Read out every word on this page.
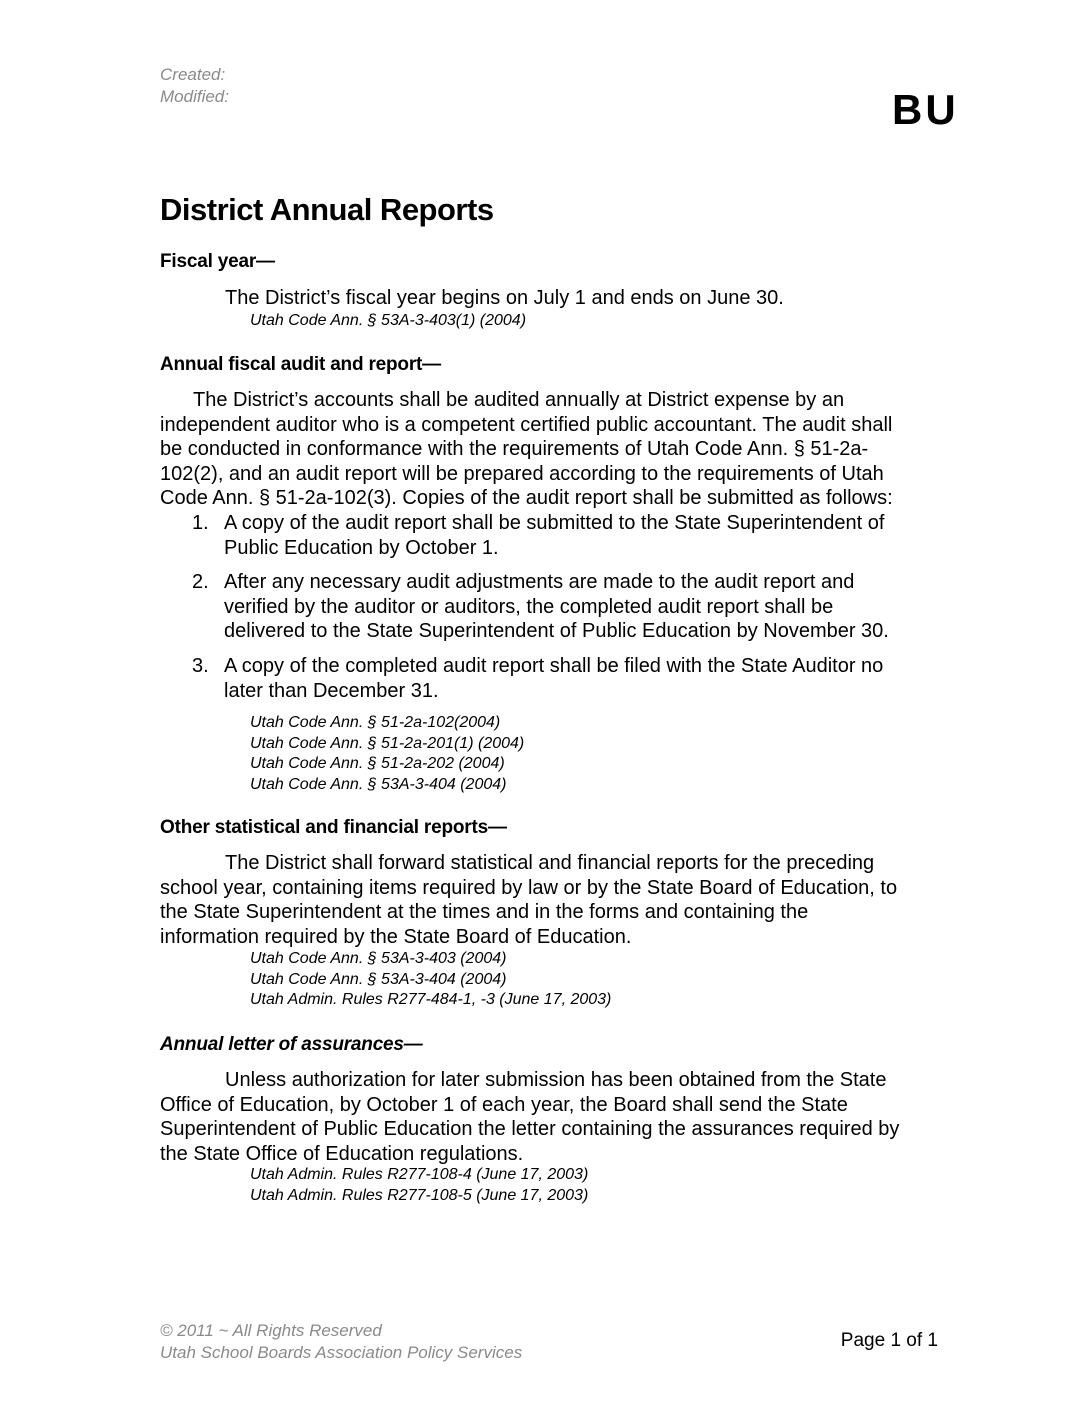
Created:
Modified:	BU
District Annual Reports
Fiscal year—

The District’s fiscal year begins on July 1 and ends on June 30.

Utah Code Ann. § 53A-3-403(1) (2004)
Annual fiscal audit and report—
The District’s accounts shall be audited annually at District expense by an
independent auditor who is a competent certified public accountant. The audit shall
be conducted in conformance with the requirements of Utah Code Ann. § 51-2a-
102(2), and an audit report will be prepared according to the requirements of Utah
Code Ann. § 51-2a-102(3). Copies of the audit report shall be submitted as follows:
1. A copy of the audit report shall be submitted to the State Superintendent of
Public Education by October 1.
2. After any necessary audit adjustments are made to the audit report and
verified by the auditor or auditors, the completed audit report shall be
delivered to the State Superintendent of Public Education by November 30.
3. A copy of the completed audit report shall be filed with the State Auditor no
later than December 31.
Utah Code Ann. § 51-2a-102(2004)
Utah Code Ann. § 51-2a-201(1) (2004)
Utah Code Ann. § 51-2a-202 (2004)
Utah Code Ann. § 53A-3-404 (2004)
Other statistical and financial reports—
The District shall forward statistical and financial reports for the preceding
school year, containing items required by law or by the State Board of Education, to
the State Superintendent at the times and in the forms and containing the
information required by the State Board of Education.
Utah Code Ann. § 53A-3-403 (2004)
Utah Code Ann. § 53A-3-404 (2004)
Utah Admin. Rules R277-484-1, -3 (June 17, 2003)
Annual letter of assurances—
Unless authorization for later submission has been obtained from the State
Office of Education, by October 1 of each year, the Board shall send the State
Superintendent of Public Education the letter containing the assurances required by
the State Office of Education regulations.
Utah Admin. Rules R277-108-4 (June 17, 2003)
Utah Admin. Rules R277-108-5 (June 17, 2003)
© 2011 ~ All Rights Reserved
Utah School Boards Association Policy Services
Page 1 of 1
